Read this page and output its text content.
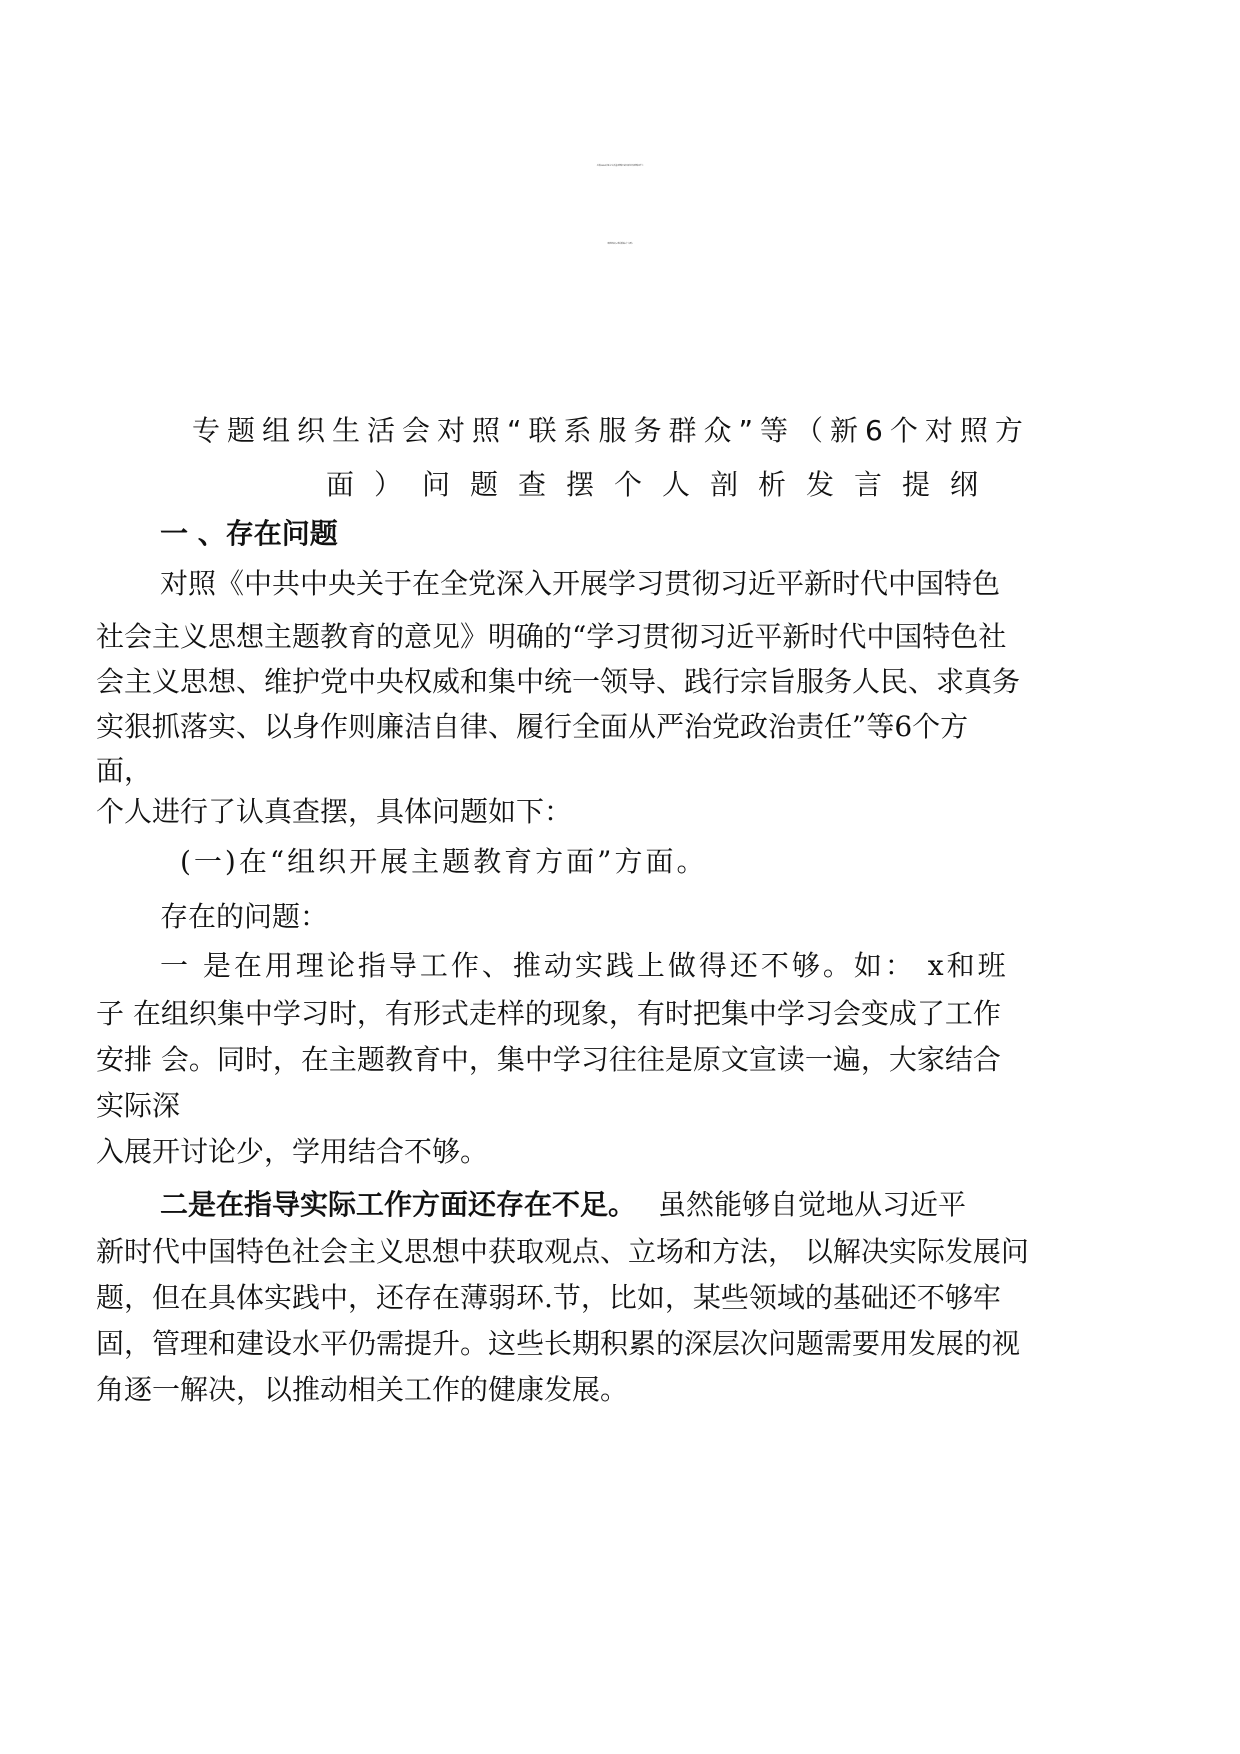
九篇2024年民主生活会对照检查检视材料对照执行上
级组织决定等(新版6个方面)
专题组织生活会对照“联系服务群众”等（新6个对照方
面）问题查摆个人剖析发言提纲
一 、存在问题
对照《中共中央关于在全党深入开展学习贯彻习近平新时代中国特色
社会主义思想主题教育的意见》明确的“学习贯彻习近平新时代中国特色社
会主义思想、维护党中央权威和集中统一领导、践行宗旨服务人民、求真务
实狠抓落实、以身作则廉洁自律、履行全面从严治党政治责任”等6个方
面，
个人进行了认真查摆，具体问题如下：
(一)在“组织开展主题教育方面”方面。
存在的问题：
一 是在用理论指导工作、推动实践上做得还不够。如： x和班
子 在组织集中学习时，有形式走样的现象，有时把集中学习会变成了工作
安排 会。同时，在主题教育中，集中学习往往是原文宣读一遍，大家结合
实际深
入展开讨论少，学用结合不够。
二是在指导实际工作方面还存在不足。 虽然能够自觉地从习近平
新时代中国特色社会主义思想中获取观点、立场和方法， 以解决实际发展问
题，但在具体实践中，还存在薄弱环.节，比如，某些领域的基础还不够牢
固，管理和建设水平仍需提升。这些长期积累的深层次问题需要用发展的视
角逐一解决，以推动相关工作的健康发展。
